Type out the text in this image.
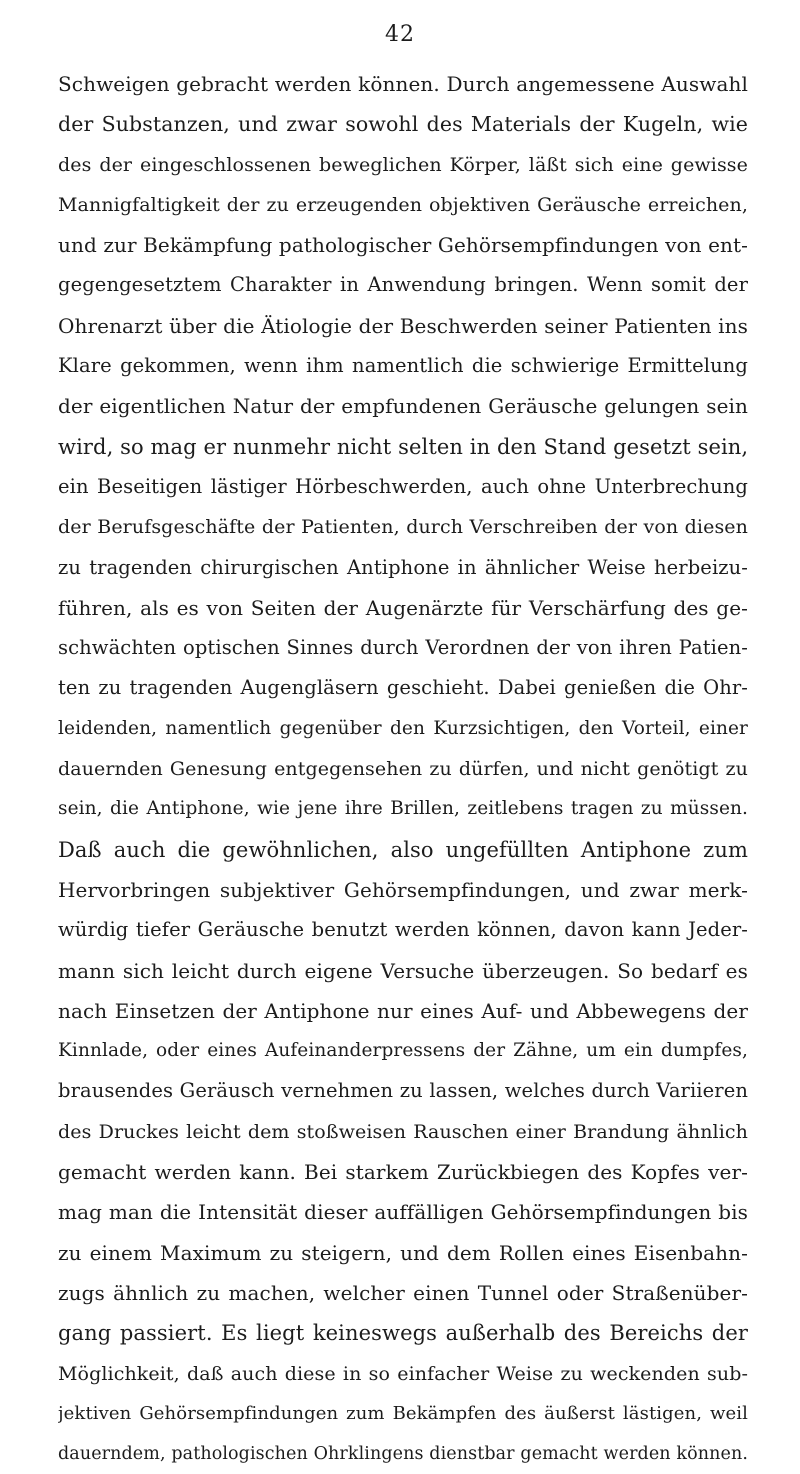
42
Schweigen gebracht werden können. Durch angemessene Auswahl
der Substanzen, und zwar sowohl des Materials der Kugeln, wie
des der eingeschlossenen beweglichen Körper, läßt sich eine gewisse
Mannigfaltigkeit der zu erzeugenden objektiven Geräusche erreichen,
und zur Bekämpfung pathologischer Gehörsempfindungen von ent-
gegengesetztem Charakter in Anwendung bringen. Wenn somit der
Ohrenarzt über die Ätiologie der Beschwerden seiner Patienten ins
Klare gekommen, wenn ihm namentlich die schwierige Ermittelung
der eigentlichen Natur der empfundenen Geräusche gelungen sein
wird, so mag er nunmehr nicht selten in den Stand gesetzt sein,
ein Beseitigen lästiger Hörbeschwerden, auch ohne Unterbrechung
der Berufsgeschäfte der Patienten, durch Verschreiben der von diesen
zu tragenden chirurgischen Antiphone in ähnlicher Weise herbeizu-
führen, als es von Seiten der Augenärzte für Verschärfung des ge-
schwächten optischen Sinnes durch Verordnen der von ihren Patien-
ten zu tragenden Augengläsern geschieht. Dabei genießen die Ohr-
leidenden, namentlich gegenüber den Kurzsichtigen, den Vorteil, einer
dauernden Genesung entgegensehen zu dürfen, und nicht genötigt zu
sein, die Antiphone, wie jene ihre Brillen, zeitlebens tragen zu müssen.
Daß auch die gewöhnlichen, also ungefüllten Antiphone zum
Hervorbringen subjektiver Gehörsempfindungen, und zwar merk-
würdig tiefer Geräusche benutzt werden können, davon kann Jeder-
mann sich leicht durch eigene Versuche überzeugen. So bedarf es
nach Einsetzen der Antiphone nur eines Auf- und Abbewegens der
Kinnlade, oder eines Aufeinanderpressens der Zähne, um ein dumpfes,
brausendes Geräusch vernehmen zu lassen, welches durch Variieren
des Druckes leicht dem stoßweisen Rauschen einer Brandung ähnlich
gemacht werden kann. Bei starkem Zurückbiegen des Kopfes ver-
mag man die Intensität dieser auffälligen Gehörsempfindungen bis
zu einem Maximum zu steigern, und dem Rollen eines Eisenbahn-
zugs ähnlich zu machen, welcher einen Tunnel oder Straßenüber-
gang passiert. Es liegt keineswegs außerhalb des Bereichs der
Möglichkeit, daß auch diese in so einfacher Weise zu weckenden sub-
jektiven Gehörsempfindungen zum Bekämpfen des äußerst lästigen, weil
dauerndem, pathologischen Ohrklingens dienstbar gemacht werden können.
